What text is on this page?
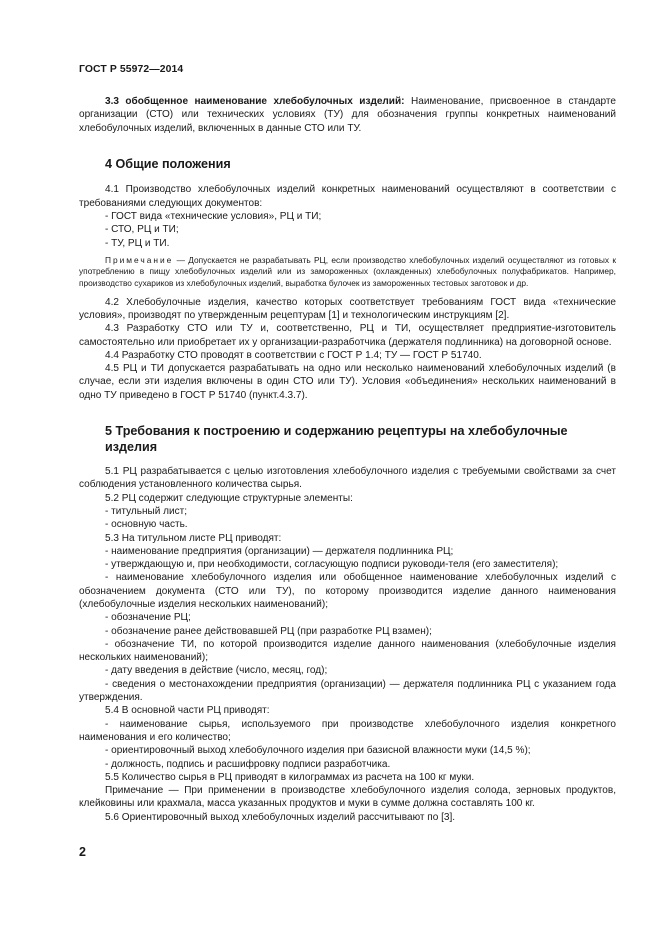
ГОСТ Р 55972—2014

3.3 обобщенное наименование хлебобулочных изделий: Наименование, присвоенное в стандарте организации (СТО) или технических условиях (ТУ) для обозначения группы конкретных наименований хлебобулочных изделий, включенных в данные СТО или ТУ.

4 Общие положения

4.1 Производство хлебобулочных изделий конкретных наименований осуществляют в соответствии с требованиями следующих документов:

- ГОСТ вида «технические условия», РЦ и ТИ;

- СТО, РЦ и ТИ;

- ТУ, РЦ и ТИ.

Примечание — Допускается не разрабатывать РЦ, если производство хлебобулочных изделий осуществляют из готовых к употреблению в пищу хлебобулочных изделий или из замороженных (охлажденных) хлебобулочных полуфабрикатов. Например, производство сухариков из хлебобулочных изделий, выработка булочек из замороженных тестовых заготовок и др.

4.2 Хлебобулочные изделия, качество которых соответствует требованиям ГОСТ вида «технические условия», производят по утвержденным рецептурам [1] и технологическим инструкциям [2].

4.3 Разработку СТО или ТУ и, соответственно, РЦ и ТИ, осуществляет предприятие-изготовитель самостоятельно или приобретает их у организации-разработчика (держателя подлинника) на договорной основе.

4.4 Разработку СТО проводят в соответствии с ГОСТ Р 1.4; ТУ — ГОСТ Р 51740.

4.5 РЦ и ТИ допускается разрабатывать на одно или несколько наименований хлебобулочных изделий (в случае, если эти изделия включены в один СТО или ТУ). Условия «объединения» нескольких наименований в одно ТУ приведено в ГОСТ Р 51740 (пункт.4.3.7).

5 Требования к построению и содержанию рецептуры на хлебобулочные изделия

5.1 РЦ разрабатывается с целью изготовления хлебобулочного изделия с требуемыми свойствами за счет соблюдения установленного количества сырья.

5.2 РЦ содержит следующие структурные элементы:

- титульный лист;

- основную часть.

5.3 На титульном листе РЦ приводят:

- наименование предприятия (организации) — держателя подлинника РЦ;

- утверждающую и, при необходимости, согласующую подписи руководи-теля (его заместителя);

- наименование хлебобулочного изделия или обобщенное наименование хлебобулочных изделий с обозначением документа (СТО или ТУ), по которому производится изделие данного наименования (хлебобулочные изделия нескольких наименований);

- обозначение РЦ;

- обозначение ранее действовавшей РЦ (при разработке РЦ взамен);

- обозначение ТИ, по которой производится изделие данного наименования (хлебобулочные изделия нескольких наименований);

- дату введения в действие (число, месяц, год);

- сведения о местонахождении предприятия (организации) — держателя подлинника РЦ с указанием года утверждения.

5.4 В основной части РЦ приводят:

- наименование сырья, используемого при производстве хлебобулочного изделия конкретного наименования и его количество;

- ориентировочный выход хлебобулочного изделия при базисной влажности муки (14,5 %);

- должность, подпись и расшифровку подписи разработчика.

5.5 Количество сырья в РЦ приводят в килограммах из расчета на 100 кг муки.

Примечание — При применении в производстве хлебобулочного изделия солода, зерновых продуктов, клейковины или крахмала, масса указанных продуктов и муки в сумме должна составлять 100 кг.

5.6 Ориентировочный выход хлебобулочных изделий рассчитывают по [3].

2
